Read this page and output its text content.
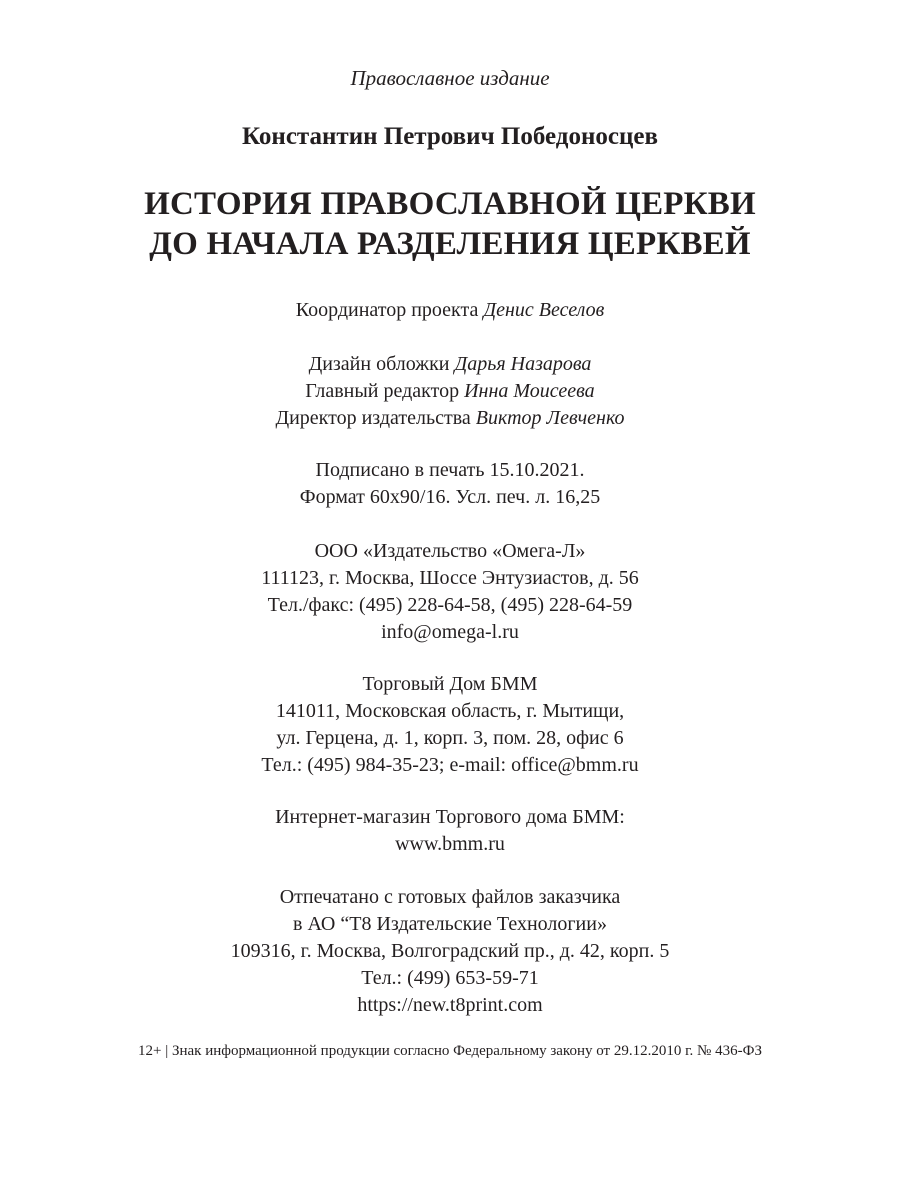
Православное издание
Константин Петрович Победоносцев
ИСТОРИЯ ПРАВОСЛАВНОЙ ЦЕРКВИ
ДО НАЧАЛА РАЗДЕЛЕНИЯ ЦЕРКВЕЙ
Координатор проекта Денис Веселов
Дизайн обложки Дарья Назарова
Главный редактор Инна Моисеева
Директор издательства Виктор Левченко
Подписано в печать 15.10.2021.
Формат 60x90/16. Усл. печ. л. 16,25
ООО «Издательство «Омега-Л»
111123, г. Москва, Шоссе Энтузиастов, д. 56
Тел./факс: (495) 228-64-58, (495) 228-64-59
info@omega-l.ru
Торговый Дом БММ
141011, Московская область, г. Мытищи,
ул. Герцена, д. 1, корп. 3, пом. 28, офис 6
Тел.: (495) 984-35-23; e-mail: office@bmm.ru
Интернет-магазин Торгового дома БММ:
www.bmm.ru
Отпечатано с готовых файлов заказчика
в АО “Т8 Издательские Технологии»
109316, г. Москва, Волгоградский пр., д. 42, корп. 5
Тел.: (499) 653-59-71
https://new.t8print.com
12+ | Знак информационной продукции согласно Федеральному закону от 29.12.2010 г. № 436-ФЗ
